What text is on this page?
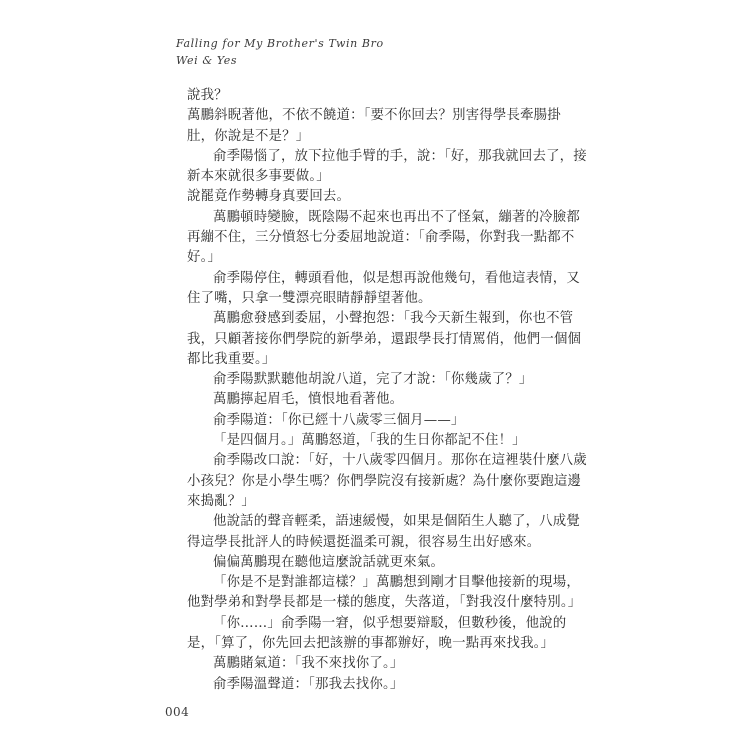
Falling for My Brother's Twin Bro
Wei & Yes

說我？

萬鵬斜睨著他，不依不饒道：「要不你回去？別害得學長牽腸掛肚，你說是不是？」

俞季陽惱了，放下拉他手臂的手，說：「好，那我就回去了，接新本來就很多事要做。」

說罷竟作勢轉身真要回去。

萬鵬頓時變臉，既陰陽不起來也再出不了怪氣，繃著的冷臉都再繃不住，三分憤怒七分委屈地說道：「俞季陽，你對我一點都不好。」

俞季陽停住，轉頭看他，似是想再說他幾句，看他這表情，又住了嘴，只拿一雙漂亮眼睛靜靜望著他。

萬鵬愈發感到委屈，小聲抱怨：「我今天新生報到，你也不管我，只顧著接你們學院的新學弟，還跟學長打情罵俏，他們一個個都比我重要。」

俞季陽默默聽他胡說八道，完了才說：「你幾歲了？」

萬鵬擰起眉毛，憤恨地看著他。

俞季陽道：「你已經十八歲零三個月——」

「是四個月。」萬鵬怒道，「我的生日你都記不住！」

俞季陽改口說：「好，十八歲零四個月。那你在這裡裝什麼八歲小孩兒？你是小學生嗎？你們學院沒有接新處？為什麼你要跑這邊來搗亂？」

他說話的聲音輕柔，語速緩慢，如果是個陌生人聽了，八成覺得這學長批評人的時候還挺溫柔可親，很容易生出好感來。

偏偏萬鵬現在聽他這麼說話就更來氣。

「你是不是對誰都這樣？」萬鵬想到剛才目擊他接新的現場，他對學弟和對學長都是一樣的態度，失落道，「對我沒什麼特別。」

「你……」俞季陽一窘，似乎想要辯駁，但數秒後，他說的是，「算了，你先回去把該辦的事都辦好，晚一點再來找我。」

萬鵬賭氣道：「我不來找你了。」

俞季陽溫聲道：「那我去找你。」

004
